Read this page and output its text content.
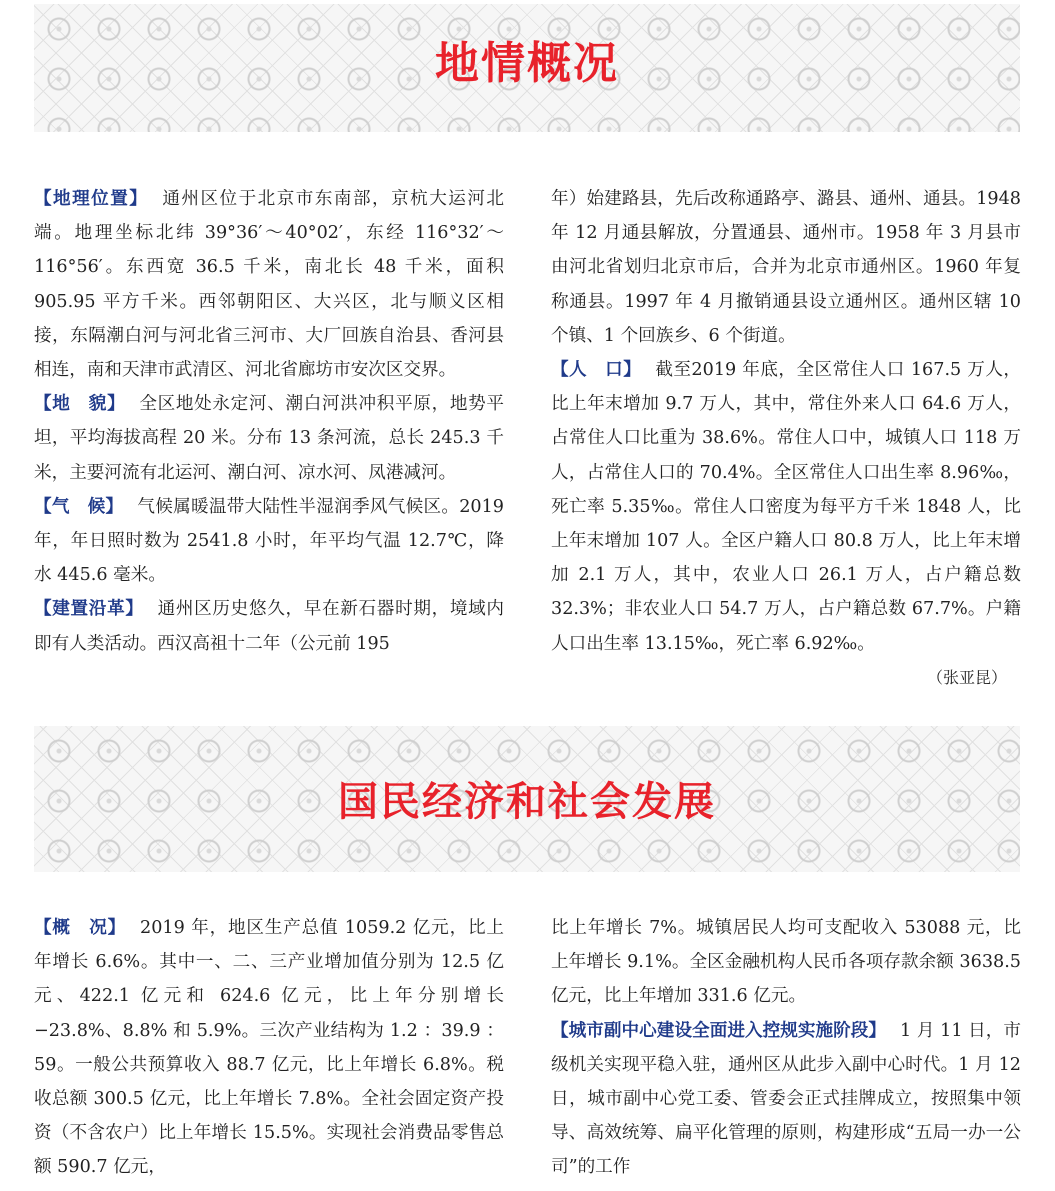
地情概况

【地理位置】 通州区位于北京市东南部，京杭大运河北端。地理坐标北纬 39°36′～40°02′，东经 116°32′～116°56′。东西宽 36.5 千米，南北长 48 千米，面积905.95 平方千米。西邻朝阳区、大兴区，北与顺义区相接，东隔潮白河与河北省三河市、大厂回族自治县、香河县相连，南和天津市武清区、河北省廊坊市安次区交界。

【地　貌】 全区地处永定河、潮白河洪冲积平原，地势平坦，平均海拔高程 20 米。分布 13 条河流，总长 245.3 千米，主要河流有北运河、潮白河、凉水河、凤港减河。

【气　候】 气候属暖温带大陆性半湿润季风气候区。2019 年，年日照时数为 2541.8 小时，年平均气温 12.7℃，降水 445.6 毫米。

【建置沿革】 通州区历史悠久，早在新石器时期，境域内即有人类活动。西汉高祖十二年（公元前 195

年）始建路县，先后改称通路亭、潞县、通州、通县。1948 年 12 月通县解放，分置通县、通州市。1958 年 3 月县市由河北省划归北京市后，合并为北京市通州区。1960 年复称通县。1997 年 4 月撤销通县设立通州区。通州区辖 10 个镇、1 个回族乡、6 个街道。

【人　口】 截至2019 年底，全区常住人口 167.5 万人，比上年末增加 9.7 万人，其中，常住外来人口 64.6 万人，占常住人口比重为 38.6%。常住人口中，城镇人口 118 万人，占常住人口的 70.4%。全区常住人口出生率 8.96‰，死亡率 5.35‰。常住人口密度为每平方千米 1848 人，比上年末增加 107 人。全区户籍人口 80.8 万人，比上年末增加 2.1 万人，其中，农业人口 26.1 万人，占户籍总数 32.3%；非农业人口 54.7 万人，占户籍总数 67.7%。户籍人口出生率 13.15‰，死亡率 6.92‰。

（张亚昆）

国民经济和社会发展

【概　况】 2019 年，地区生产总值 1059.2 亿元，比上年增长 6.6%。其中一、二、三产业增加值分别为 12.5 亿元、422.1 亿元和 624.6 亿元，比上年分别增长 −23.8%、8.8% 和 5.9%。三次产业结构为 1.2 ：39.9 ：59。一般公共预算收入 88.7 亿元，比上年增长 6.8%。税收总额 300.5 亿元，比上年增长 7.8%。全社会固定资产投资（不含农户）比上年增长 15.5%。实现社会消费品零售总额 590.7 亿元，

比上年增长 7%。城镇居民人均可支配收入 53088 元，比上年增长 9.1%。全区金融机构人民币各项存款余额 3638.5 亿元，比上年增加 331.6 亿元。

【城市副中心建设全面进入控规实施阶段】 1 月 11 日，市级机关实现平稳入驻，通州区从此步入副中心时代。1 月 12 日，城市副中心党工委、管委会正式挂牌成立，按照集中领导、高效统筹、扁平化管理的原则，构建形成“五局一办一公司”的工作
